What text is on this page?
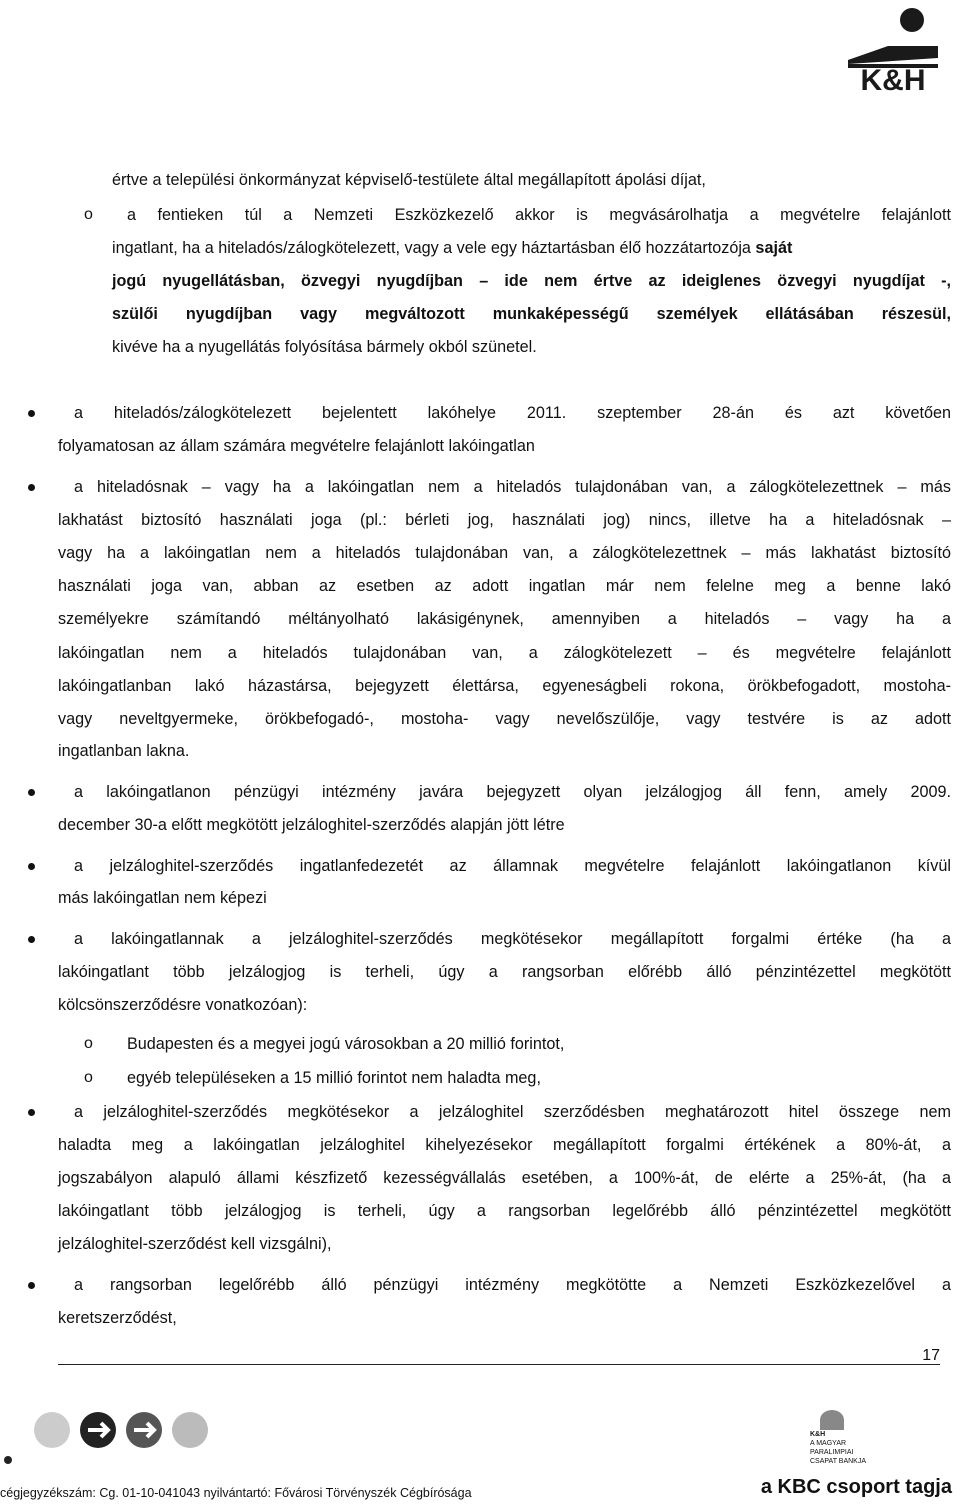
K&H
értve a települési önkormányzat képviselő-testülete által megállapított ápolási díjat,
a fentieken túl a Nemzeti Eszközkezelő akkor is megvásárolhatja a megvételre felajánlott
o
ingatlant, ha a hiteladós/zálogkötelezett, vagy a vele egy háztartásban élő hozzátartozója saját
jogú nyugellátásban, özvegyi nyugdíjban – ide nem értve az ideiglenes özvegyi nyugdíjat -,
szülői nyugdíjban vagy megváltozott munkaképességű személyek ellátásában részesül,
kivéve ha a nyugellátás folyósítása bármely okból szünetel.
a hiteladós/zálogkötelezett bejelentett lakóhelye 2011. szeptember 28-án és azt követően
folyamatosan az állam számára megvételre felajánlott lakóingatlan
a hiteladósnak – vagy ha a lakóingatlan nem a hiteladós tulajdonában van, a zálogkötelezettnek – más
lakhatást biztosító használati joga (pl.: bérleti jog, használati jog) nincs, illetve ha a hiteladósnak –
vagy ha a lakóingatlan nem a hiteladós tulajdonában van, a zálogkötelezettnek – más lakhatást biztosító
használati joga van, abban az esetben az adott ingatlan már nem felelne meg a benne lakó
személyekre számítandó méltányolható lakásigénynek, amennyiben a hiteladós – vagy ha a
lakóingatlan nem a hiteladós tulajdonában van, a zálogkötelezett – és megvételre felajánlott
lakóingatlanban lakó házastársa, bejegyzett élettársa, egyeneságbeli rokona, örökbefogadott, mostoha-
vagy neveltgyermeke, örökbefogadó-, mostoha- vagy nevelőszülője, vagy testvére is az adott
ingatlanban lakna.
a lakóingatlanon pénzügyi intézmény javára bejegyzett olyan jelzálogjog áll fenn, amely 2009.
december 30-a előtt megkötött jelzáloghitel-szerződés alapján jött létre
a jelzáloghitel-szerződés ingatlanfedezetét az államnak megvételre felajánlott lakóingatlanon kívül
más lakóingatlan nem képezi
a lakóingatlannak a jelzáloghitel-szerződés megkötésekor megállapított forgalmi értéke (ha a
lakóingatlant több jelzálogjog is terheli, úgy a rangsorban előrébb álló pénzintézettel megkötött
kölcsönszerződésre vonatkozóan):
Budapesten és a megyei jogú városokban a 20 millió forintot,
o
egyéb településeken a 15 millió forintot nem haladta meg,
o
a jelzáloghitel-szerződés megkötésekor a jelzáloghitel szerződésben meghatározott hitel összege nem
haladta meg a lakóingatlan jelzáloghitel kihelyezésekor megállapított forgalmi értékének a 80%-át, a
jogszabályon alapuló állami készfizető kezességvállalás esetében, a 100%-át, de elérte a 25%-át, (ha a
lakóingatlant több jelzálogjog is terheli, úgy a rangsorban legelőrébb álló pénzintézettel megkötött
jelzáloghitel-szerződést kell vizsgálni),
a rangsorban legelőrébb álló pénzügyi intézmény megkötötte a Nemzeti Eszközkezelővel a
keretszerződést,
17
K&H
A MAGYAR
PARALIMPIAI
CSAPAT BANKJA
cégjegyzékszám: Cg. 01-10-041043 nyilvántartó: Fővárosi Törvényszék Cégbírósága	a KBC csoport tagja
